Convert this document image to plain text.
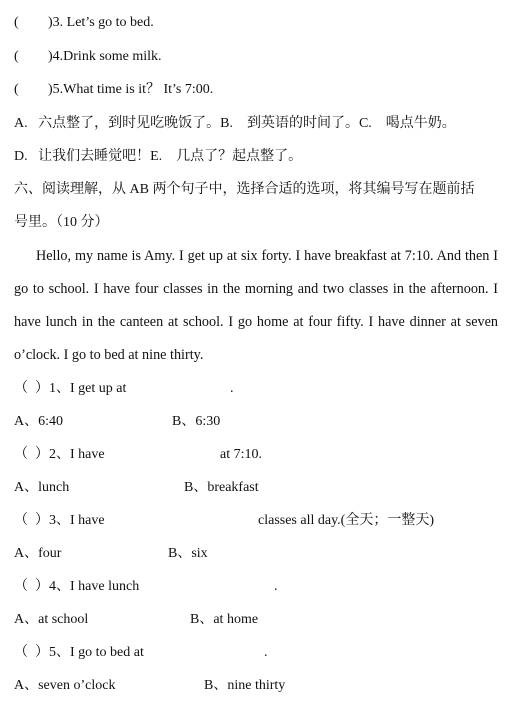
( )3. Let’s go to bed.
( )4.Drink some milk.
( )5.What time is it？ It’s 7:00.
A.   六点整了，到时见吃晚饭了。B.    到英语的时间了。C.    喝点牛奶。
D.   让我们去睡觉吧！E.    几点了？起点整了。
六、阅读理解，从 AB 两个句子中，选择合适的选项，将其编号写在题前括
号里。（10 分）
Hello, my name is Amy. I get up at six forty. I have breakfast at 7:10. And then I go to school. I have four classes in the morning and two classes in the afternoon. I have lunch in the canteen at school. I go home at four fifty. I have dinner at seven o’clock. I go to bed at nine thirty.
（  ）1、I get up at	.
A、6:40	B、6:30
（  ）2、I have	at 7:10.
A、lunch	B、breakfast
（  ）3、I have	classes all day.(全天；一整天)
A、four	B、six
（  ）4、I have lunch	.
A、at school	B、at home
（  ）5、I go to bed at	.
A、seven o’clock	B、nine thirty
